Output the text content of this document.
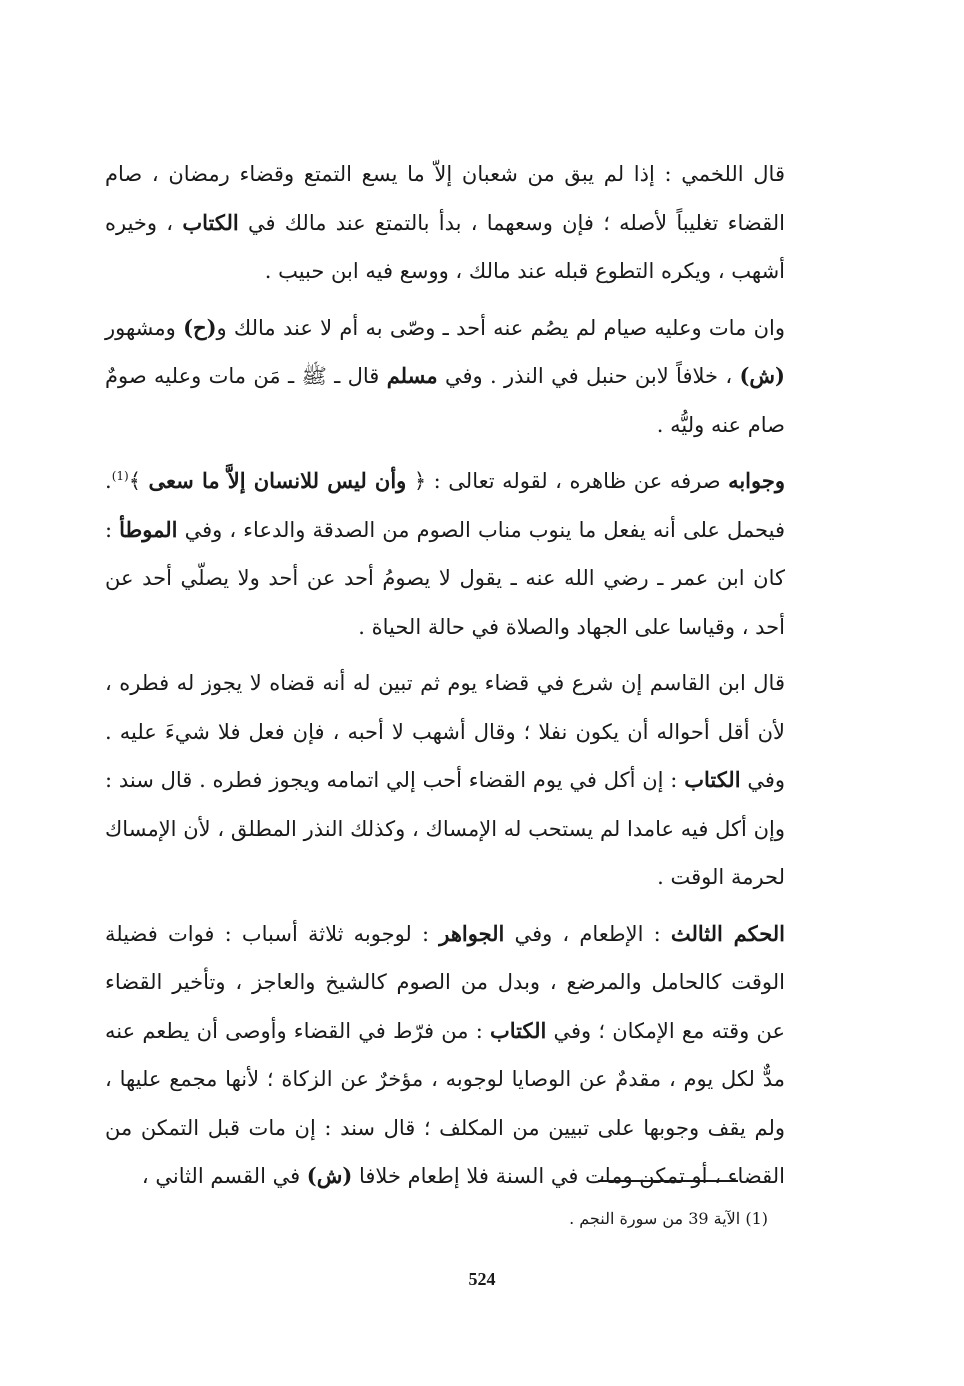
قال اللخمي : إذا لم يبق من شعبان إلاّ ما يسع التمتع وقضاء رمضان ، صام القضاء تغليباً لأصله ؛ فإن وسعهما ، بدأ بالتمتع عند مالك في الكتاب ، وخيره أشهب ، ويكره التطوع قبله عند مالك ، ووسع فيه ابن حبيب .

وان مات وعليه صيام لم يصُم عنه أحد ـ وصّى به أم لا عند مالك و(ح) ومشهور (ش) ، خلافاً لابن حنبل في النذر . وفي مسلم قال ـ ﷺ ـ مَن مات وعليه صومٌ صام عنه وليُّه .

وجوابه صرفه عن ظاهره ، لقوله تعالى : ﴿ وأن ليس للانسان إلاَّ ما سعى ﴾$^{(1)}$. فيحمل على أنه يفعل ما ينوب مناب الصوم من الصدقة والدعاء ، وفي الموطأ : كان ابن عمر ـ رضي الله عنه ـ يقول لا يصومُ أحد عن أحد ولا يصلّي أحد عن أحد ، وقياسا على الجهاد والصلاة في حالة الحياة .

قال ابن القاسم إن شرع في قضاء يوم ثم تبين له أنه قضاه لا يجوز له فطره ، لأن أقل أحواله أن يكون نفلا ؛ وقال أشهب لا أحبه ، فإن فعل فلا شيءَ عليه . وفي الكتاب : إن أكل في يوم القضاء أحب إلي اتمامه ويجوز فطره . قال سند : وإن أكل فيه عامدا لم يستحب له الإمساك ، وكذلك النذر المطلق ، لأن الإمساك لحرمة الوقت .

الحكم الثالث : الإطعام ، وفي الجواهر : لوجوبه ثلاثة أسباب : فوات فضيلة الوقت كالحامل والمرضع ، وبدل من الصوم كالشيخ والعاجز ، وتأخير القضاء عن وقته مع الإمكان ؛ وفي الكتاب : من فرّط في القضاء وأوصى أن يطعم عنه مدٌّ لكل يوم ، مقدمٌ عن الوصايا لوجوبه ، مؤخرٌ عن الزكاة ؛ لأنها مجمع عليها ، ولم يقف وجوبها على تبيين من المكلف ؛ قال سند : إن مات قبل التمكن من القضاء ، أو تمكن ومات في السنة فلا إطعام خلافا (ش) في القسم الثاني ،

(1) الآية 39 من سورة النجم .
524
